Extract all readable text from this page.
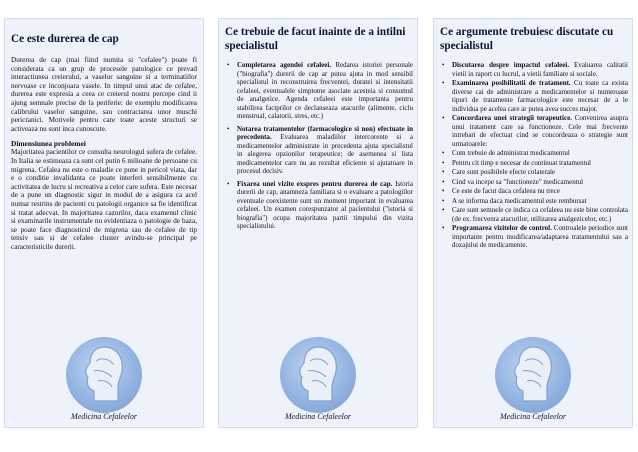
Ce este durerea de cap

Durerea de cap (mai fiind numita si "cefalee") poate fi considerata ca un grup de procesele patologice ce prevad interactiunea creierului, a vaselor sanguine si a terminatiilor nervoase ce inconjoara vasele. In timpul unui atac de cefalee, durerea este expresia a ceea ce creierul nostru percepe cind ii ajung semnale precise de la periferie: de exemplu modificarea calibrului vaselor sanguine, sau contractarea unor muschi pericranici. Motivele pentru care toate aceste structuri se activeaza nu sunt inca cunoscute.

Dimensiunea problemei

Majoritatea pacientilor ce consulta neurologul sufera de cefalee. In Italia se estimeaza ca sunt cel putin 6 milioane de persoane cu migrena. Cefalea nu este o maladie ce pune in pericol viata, dar e o conditie invalidanta ce poate interferi sensibilmente cu activitatea de lucru si recreativa a celor care sufera. Este necesar de a pune un diagnostic sigur in modul de a asigura ca acel numar restrins de pacienti cu patologii organice sa fie identificat si tratat adecvat. In majoritatea cazurilor, daca examenul clinic si examinarile instrumentale nu evidentiaza o patologie de baza, se poate face diagnosticul de migrena sau de cefalee de tip tensiv sau si de cefalee cluster avindu-se principal pe caracteristicile durerii.

Medicina Cefaleelor
Ce trebuie de facut inainte de a intilni specialistul
• Completarea agendei cefaleei. Redarea istoriei personale ("biografia") durerii de cap ar putea ajuta in mod sensibil specialistul in reconstruirea frecventei, duratei si intensitatii cefaleei, eventualele simptome asociate acesteia si consumul de analgetice. Agenda cefaleei este importanta pentru stabilirea factprilor ce declanseaza atacurile (alimente, ciclu menstrual, calatorii, stres, etc.)
• Notarea tratamentelor (farmacologice si non) efectuate in precedenta. Evaluarea maladiilor intercorente si a medicamentelor administrate in precedenta ajuta specialistul in alegerea opzionilor terapeutice; de asemenea si lista medicamentelor care nu au rezultat eficiente si ajutatoare in procesul decisiv.
• Fixarea unei vizite exspres pentru durerea de cap. Istoria durerii de cap, anamneza familiara si o evaluare a patologiilor eventuale coexistente sunt un moment important in evaluarea cefaleei. Un examen corespunzator al pacientului ("istoria si biografia") ocupa majoritatea partii timpului din vizita specialistului.
Medicina Cefaleelor
Ce argumente trebuiesc discutate cu specialistul
• Discutarea despre impactul cefaleei. Evaluarea calitatii vietii in raport cu lucrul, a vietii familiare si sociale.
• Examinarea posibilitatii de tratament. Cu toate ca exista diverse cai de administrare a medicamentelor si numeroase tipuri de tratamente farmacologice este necesar de a le individua pe acelea care ar putea avea succes major.
• Concordarea unei strategii terapeutice. Convenirea asupra unui tratament care sa functioneze. Cele mai frecvente intrebari de efectuat cind se concordeaza o strategie sunt urmatoarele:
• Cum trebuie de administrat medicamentul
• Pentru cit timp e necesar de continuat tratamentul
• Care sunt posibilele efecte colaterale
• Cind va incepe sa "functioneze" medicamentul
• Ce este de facut daca cefaleea nu trece
• A se informa daca medicamentul este rembursat
• Care sunt semnele ce indica ca cefaleea nu este bine controlata (de ex. frecventa atacurilor, utilizarea analgezicelor, etc.)
• Programarea vizitelor de control. Controalele periodice sunt importante pentru modificarea/adaptarea tratamentului sau a dozajului de medicamente.
Medicina Cefaleelor
